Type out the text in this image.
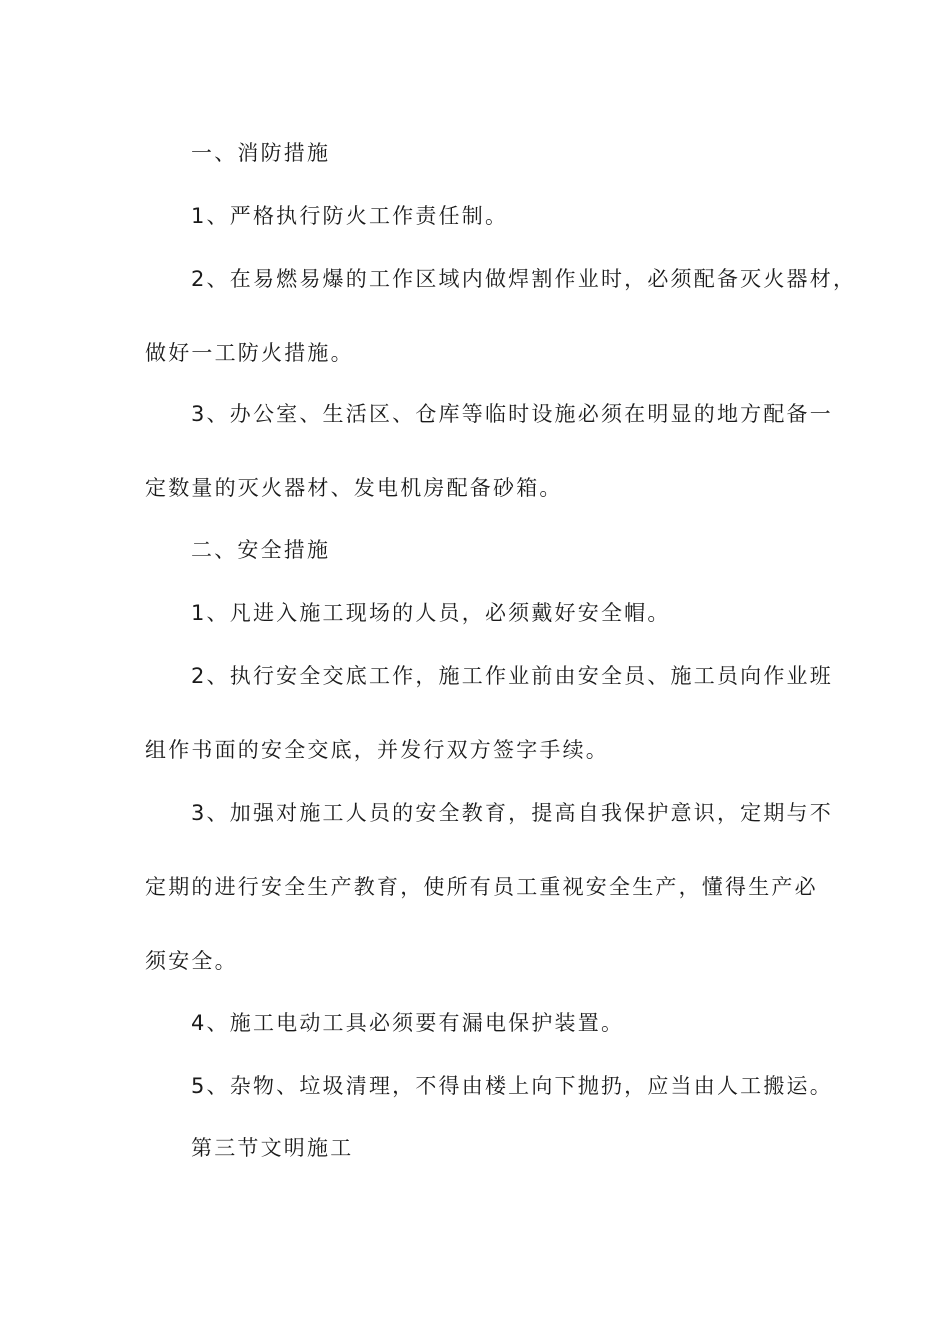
一、消防措施
1、严格执行防火工作责任制。
2、在易燃易爆的工作区域内做焊割作业时，必须配备灭火器材，
做好一工防火措施。
3、办公室、生活区、仓库等临时设施必须在明显的地方配备一
定数量的灭火器材、发电机房配备砂箱。
二、安全措施
1、凡进入施工现场的人员，必须戴好安全帽。
2、执行安全交底工作，施工作业前由安全员、施工员向作业班
组作书面的安全交底，并发行双方签字手续。
3、加强对施工人员的安全教育，提高自我保护意识，定期与不
定期的进行安全生产教育，使所有员工重视安全生产，懂得生产必
须安全。
4、施工电动工具必须要有漏电保护装置。
5、杂物、垃圾清理，不得由楼上向下抛扔，应当由人工搬运。
第三节文明施工
